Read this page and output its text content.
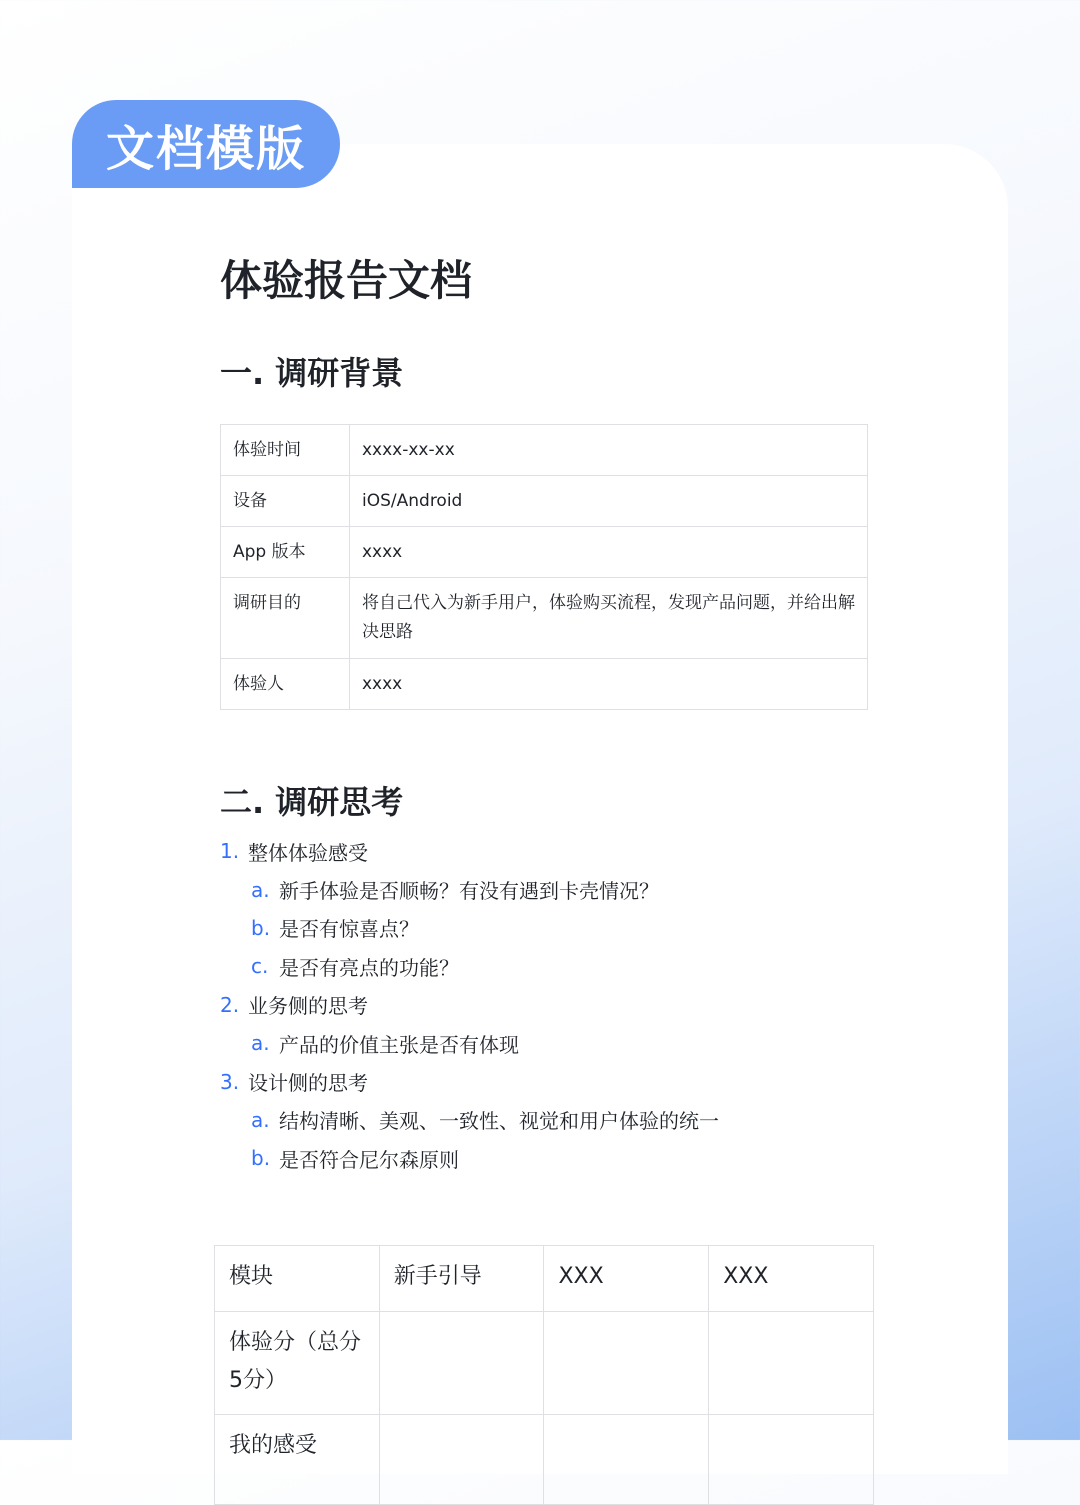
文档模版
体验报告文档
一. 调研背景
体验时间	xxxx-xx-xx
设备	iOS/Android
App 版本	xxxx
调研目的	将自己代入为新手用户，体验购买流程，发现产品问题，并给出解决思路
体验人	xxxx
二. 调研思考
1. 整体体验感受
a. 新手体验是否顺畅？有没有遇到卡壳情况？
b. 是否有惊喜点？
c. 是否有亮点的功能？
2. 业务侧的思考
a. 产品的价值主张是否有体现
3. 设计侧的思考
a. 结构清晰、美观、一致性、视觉和用户体验的统一
b. 是否符合尼尔森原则
模块	新手引导	XXX	XXX
体验分（总分5分）			
我的感受			
